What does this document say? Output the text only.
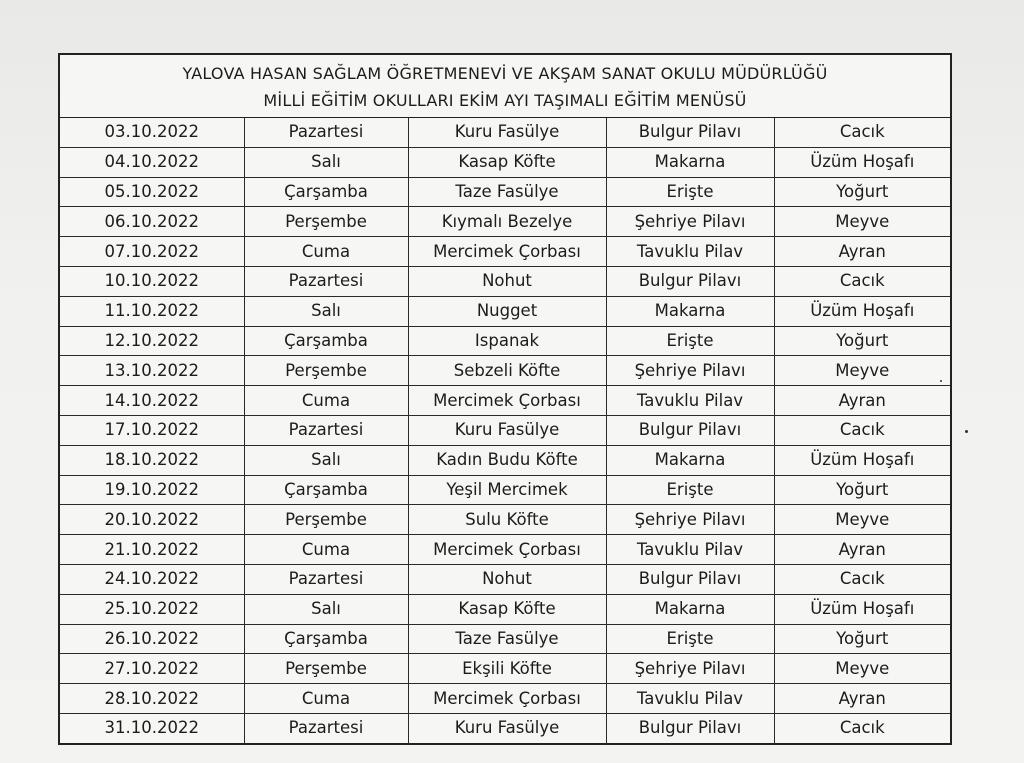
YALOVA HASAN SAĞLAM ÖĞRETMENEVİ VE AKŞAM SANAT OKULU MÜDÜRLÜĞÜ
MİLLİ EĞİTİM OKULLARI EKİM AYI TAŞIMALI EĞİTİM MENÜSÜ
03.10.2022	Pazartesi	Kuru Fasülye	Bulgur Pilavı	Cacık
04.10.2022	Salı	Kasap Köfte	Makarna	Üzüm Hoşafı
05.10.2022	Çarşamba	Taze Fasülye	Erişte	Yoğurt
06.10.2022	Perşembe	Kıymalı Bezelye	Şehriye Pilavı	Meyve
07.10.2022	Cuma	Mercimek Çorbası	Tavuklu Pilav	Ayran
10.10.2022	Pazartesi	Nohut	Bulgur Pilavı	Cacık
11.10.2022	Salı	Nugget	Makarna	Üzüm Hoşafı
12.10.2022	Çarşamba	Ispanak	Erişte	Yoğurt
13.10.2022	Perşembe	Sebzeli Köfte	Şehriye Pilavı	Meyve
14.10.2022	Cuma	Mercimek Çorbası	Tavuklu Pilav	Ayran
17.10.2022	Pazartesi	Kuru Fasülye	Bulgur Pilavı	Cacık
18.10.2022	Salı	Kadın Budu Köfte	Makarna	Üzüm Hoşafı
19.10.2022	Çarşamba	Yeşil Mercimek	Erişte	Yoğurt
20.10.2022	Perşembe	Sulu Köfte	Şehriye Pilavı	Meyve
21.10.2022	Cuma	Mercimek Çorbası	Tavuklu Pilav	Ayran
24.10.2022	Pazartesi	Nohut	Bulgur Pilavı	Cacık
25.10.2022	Salı	Kasap Köfte	Makarna	Üzüm Hoşafı
26.10.2022	Çarşamba	Taze Fasülye	Erişte	Yoğurt
27.10.2022	Perşembe	Ekşili Köfte	Şehriye Pilavı	Meyve
28.10.2022	Cuma	Mercimek Çorbası	Tavuklu Pilav	Ayran
31.10.2022	Pazartesi	Kuru Fasülye	Bulgur Pilavı	Cacık
